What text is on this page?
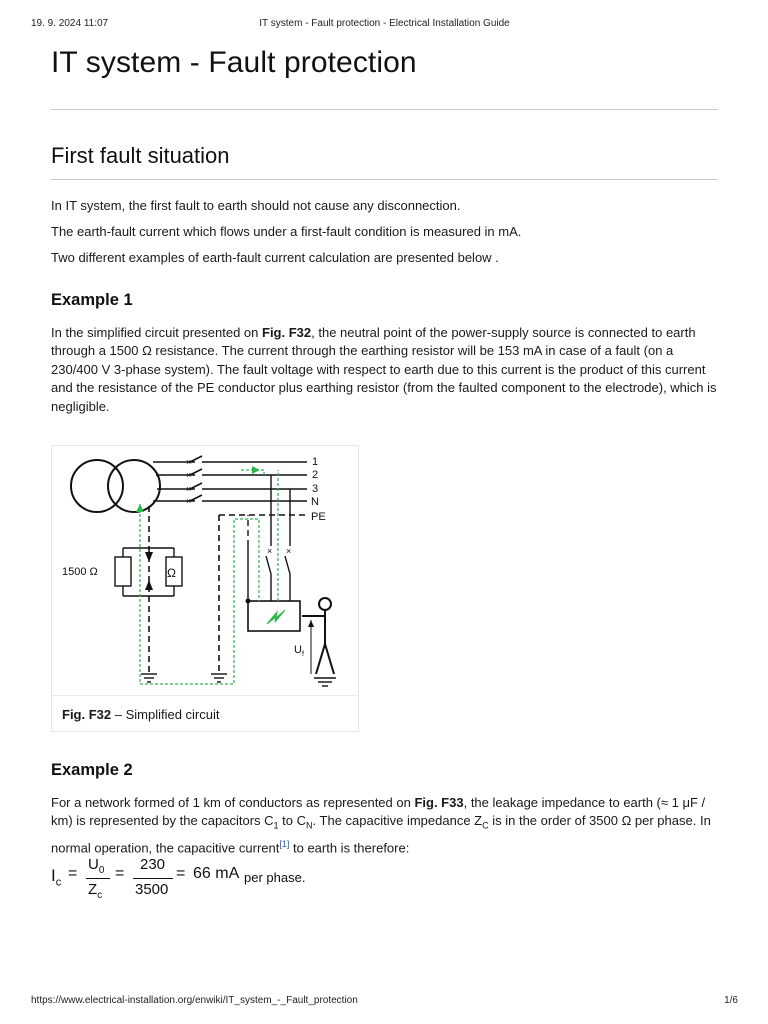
19. 9. 2024 11:07	IT system - Fault protection - Electrical Installation Guide
IT system - Fault protection
First fault situation

In IT system, the first fault to earth should not cause any disconnection.

The earth-fault current which flows under a first-fault condition is measured in mA.

Two different examples of earth-fault current calculation are presented below .

Example 1

In the simplified circuit presented on Fig. F32, the neutral point of the power-supply source is connected to earth through a 1500 Ω resistance. The current through the earthing resistor will be 153 mA in case of a fault (on a 230/400 V 3-phase system). The fault voltage with respect to earth due to this current is the product of this current and the resistance of the PE conductor plus earthing resistor (from the faulted component to the electrode), which is negligible.

×
×
×
×
× ×
Ω
1500 Ω
$U_f$
1
2
3
N
PE
Fig. F32 – Simplified circuit
Example 2

For a network formed of 1 km of conductors as represented on Fig. F33, the leakage impedance to earth (≈ 1 μF / km) is represented by the capacitors $C_1$ to $C_N$. The capacitive impedance $Z_C$ is in the order of 3500 Ω per phase. In normal operation, the capacitive current[1] to earth is therefore:

$I_c$
=
$U_0$
$Z_c$
=
230
3500
= 66 mA per phase.
https://www.electrical-installation.org/enwiki/IT_system_-_Fault_protection	1/6
